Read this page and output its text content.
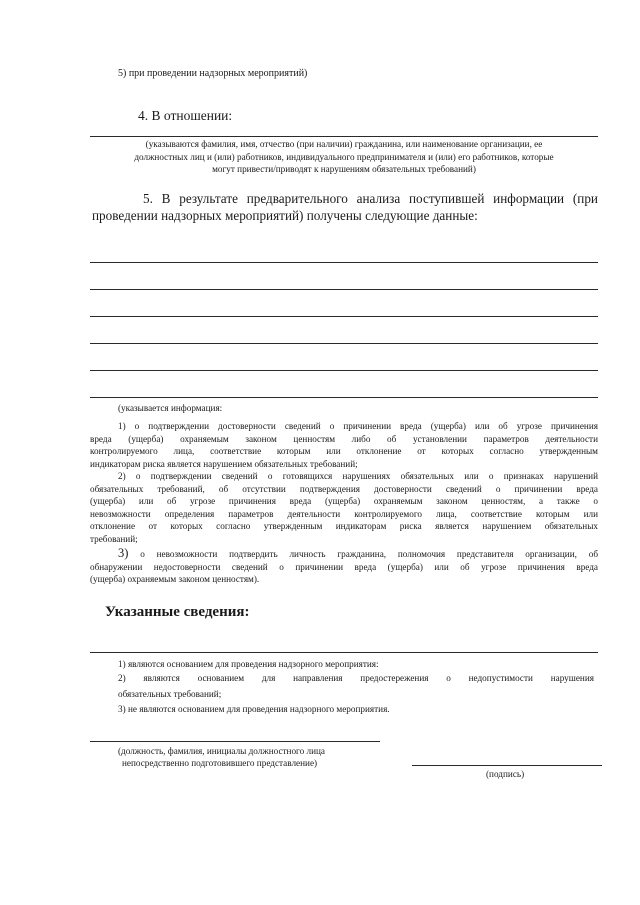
5) при проведении надзорных мероприятий)
4. В отношении:
(указываются фамилия, имя, отчество (при наличии) гражданина, или наименование организации, ее
должностных лиц и (или) работников, индивидуального предпринимателя и (или) его работников, которые
могут привести/приводят к нарушениям обязательных требований)
5. В результате предварительного анализа поступившей информации (при
проведении надзорных мероприятий) получены следующие данные:
(указывается информация:
1) о подтверждении достоверности сведений о причинении вреда (ущерба) или об угрозе причинения
вреда (ущерба) охраняемым законом ценностям либо об установлении параметров деятельности
контролируемого лица, соответствие которым или отклонение от которых согласно утвержденным
индикаторам риска является нарушением обязательных требований;
2) о подтверждении сведений о готовящихся нарушениях обязательных или о признаках нарушений
обязательных требований, об отсутствии подтверждения достоверности сведений о причинении вреда
(ущерба) или об угрозе причинения вреда (ущерба) охраняемым законом ценностям, а также о
невозможности определения параметров деятельности контролируемого лица, соответствие которым или
отклонение от которых согласно утвержденным индикаторам риска является нарушением обязательных
требований;
3) о невозможности подтвердить личность гражданина, полномочия представителя организации, об
обнаружении недостоверности сведений о причинении вреда (ущерба) или об угрозе причинения вреда
(ущерба) охраняемым законом ценностям).
Указанные сведения:
1) являются основанием для проведения надзорного мероприятия:
2) являются основанием для направления предостережения о недопустимости нарушения
обязательных требований;
3) не являются основанием для проведения надзорного мероприятия.
(должность, фамилия, инициалы должностного лица
непосредственно подготовившего представление)
(подпись)
